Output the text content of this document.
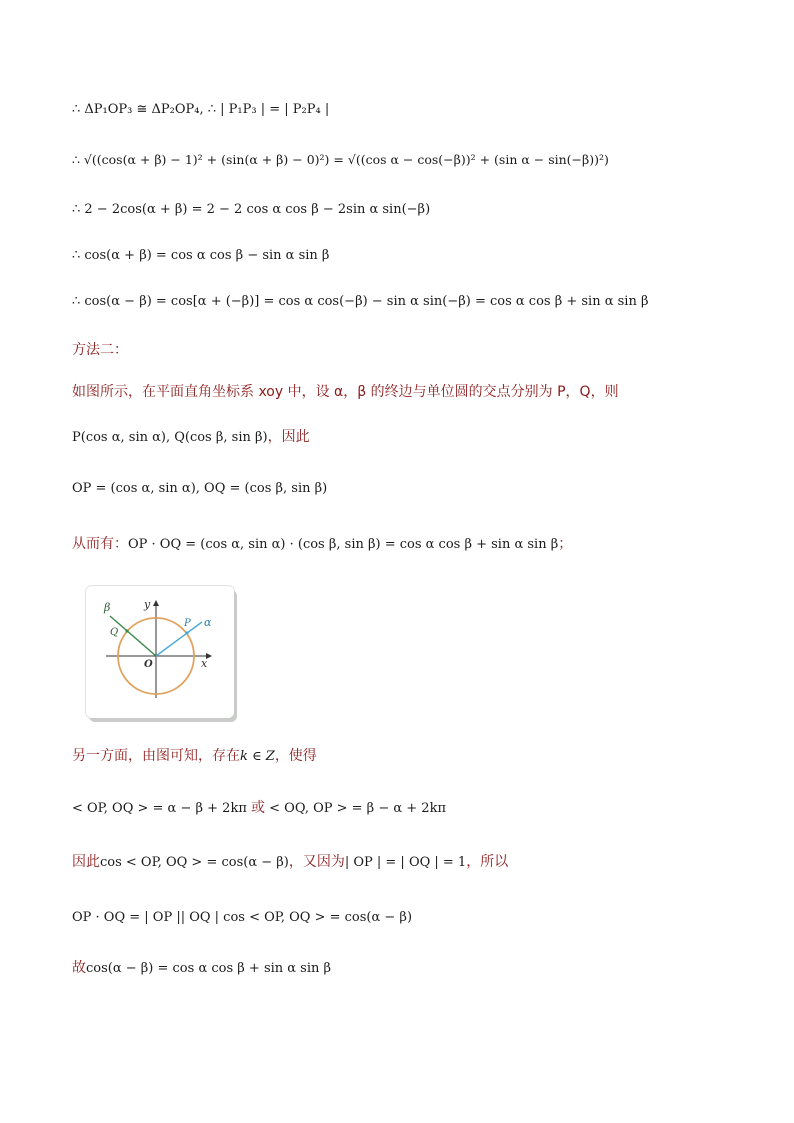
∴ ΔP₁OP₃ ≅ ΔP₂OP₄, ∴ | P₁P₃ | = | P₂P₄ |
∴ √((cos(α + β) − 1)² + (sin(α + β) − 0)²) = √((cos α − cos(−β))² + (sin α − sin(−β))²)
∴ 2 − 2cos(α + β) = 2 − 2 cos α cos β − 2sin α sin(−β)
∴ cos(α + β) = cos α cos β − sin α sin β
∴ cos(α − β) = cos[α + (−β)] = cos α cos(−β) − sin α sin(−β) = cos α cos β + sin α sin β
方法二：
如图所示，在平面直角坐标系 xoy 中，设 α，β 的终边与单位圆的交点分别为 P，Q，则
P(cos α, sin α), Q(cos β, sin β)，因此
OP = (cos α, sin α), OQ = (cos β, sin β)
从而有：OP · OQ = (cos α, sin α) · (cos β, sin β) = cos α cos β + sin α sin β；
β
α
y
x
O
P
Q
另一方面，由图可知，存在k ∈ Z，使得
< OP, OQ > = α − β + 2kπ 或 < OQ, OP > = β − α + 2kπ
因此cos < OP, OQ > = cos(α − β)，又因为| OP | = | OQ | = 1，所以
OP · OQ = | OP || OQ | cos < OP, OQ > = cos(α − β)
故cos(α − β) = cos α cos β + sin α sin β
